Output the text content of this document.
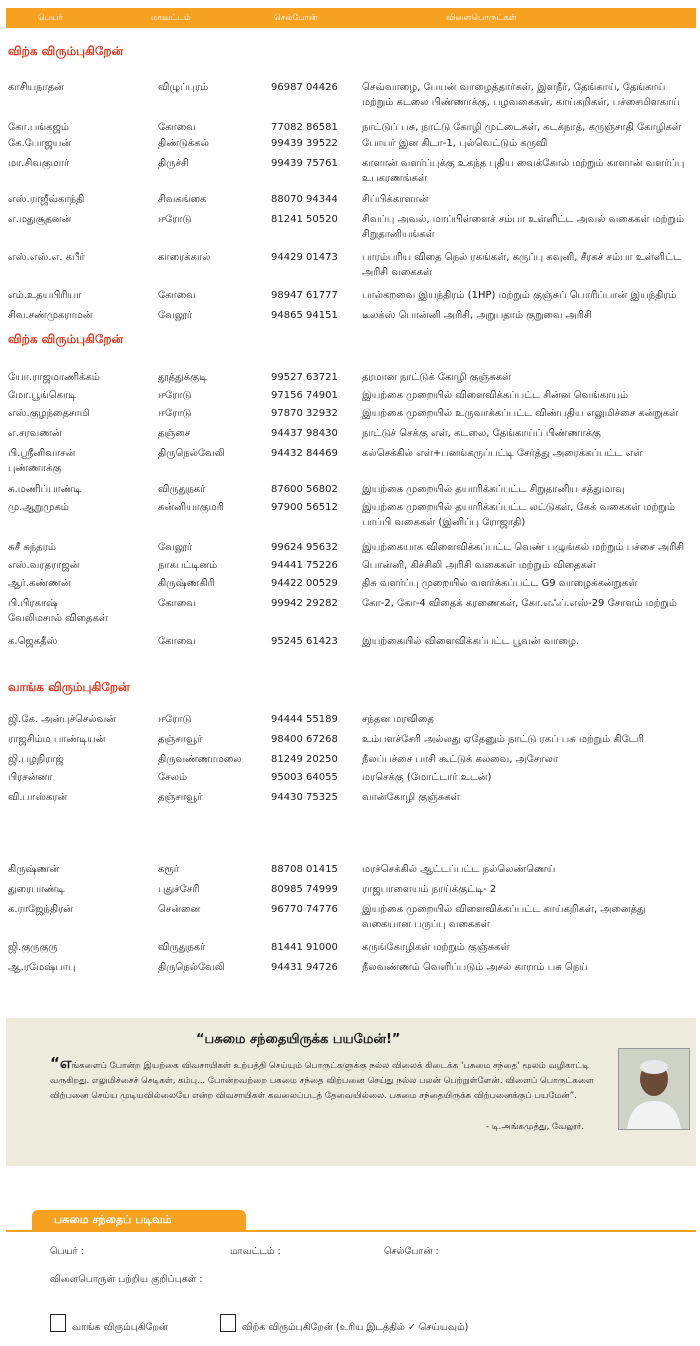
பெயர்	மாவட்டம்	செல்போன்	விளைபொருட்கள்
விற்க விரும்புகிறேன்
காசியநாதன்	விழுப்புரம்	96987 04426	செவ்வாழை, பேயன் வாழைத்தார்கள், இளநீர், தேங்காய், தேங்காய் மற்றும் கடலை பிண்ணாக்கு, பழவகைகள், காய்கறிகள், பச்சைமிளகாய்
கோ.பங்கஜம்	கோவை	77082 86581	நாட்டுப் பசு, நாட்டு கோழி முட்டைகள், கடக்நாத், கருஞ்சாதி கோழிகள்
கே.போஜயன்	திண்டுக்கல்	99439 39522	போயர் இன கிடா-1, புல்வெட்டும் கருவி
மா.சிவகுமார்	திருச்சி	99439 75761	காளான் வளர்ப்புக்கு உகந்த புதிய வைக்கோல் மற்றும் காளான் வளர்ப்பு உபகரணங்கள்
எஸ்.ராஜீவ்காந்தி	சிவகங்கை	88070 94344	சிப்பிக்காளான்
எ.மதுசூதனன்	ஈரோடு	81241 50520	சிவப்பு அவல், மாப்பிள்ளைச் சம்பா உள்ளிட்ட அவல் வகைகள் மற்றும் சிறுதானியங்கள்
எஸ்.எஸ்.எ. கபீர்	காரைக்கால்	94429 01473	பாரம்பரிய விதை நெல் ரகங்கள், கருப்பு கவுனி, சீரகச் சம்பா உள்ளிட்ட அரிசி வகைகள்
எம்.உதயபிரியா	கோவை	98947 61777	பால்கறவை இயந்திரம் (1HP) மற்றும் குஞ்சுப் பொரிப்பான் இயந்திரம்
சிவ.சண்முகராமன்	வேலூர்	94865 94151	டீலக்ஸ் பொன்னி அரிசி, அறுபதாம் குறுவை அரிசி
விற்க விரும்புகிறேன்
யோ.ராஜமாணிக்கம்	தூத்துக்குடி	99527 63721	தரமான நாட்டுக் கோழி குஞ்சுகள்
மோ.பூங்கொடி	ஈரோடு	97156 74901	இயற்கை முறையில் விளைவிக்கப்பட்ட சின்ன வெங்காயம்
எஸ்.குழந்தைசாமி	ஈரோடு	97870 32932	இயற்கை முறையில் உருவாக்கப்பட்ட விண்பதிய எலுமிச்சை கன்றுகள்
எ.சரவணன்	தஞ்சை	94437 98430	நாட்டுச் செக்கு எள், கடலை, தேங்காய்ப் பிண்ணாக்கு
பி.ஸ்ரீனிவாசன்	திருநெல்வேலி	94432 84469	கல்செக்கில் எள்+பனங்கருப்பட்டி சேர்த்து அரைக்கப்பட்ட எள் புண்ணாக்கு
சு.மணிப்பாண்டி	விருதுநகர்	87600 56802	இயற்கை முறையில் தயாரிக்கப்பட்ட சிறுதானிய சத்துமாவு
மு.ஆறுமுகம்	கன்னியாகுமரி	97900 56512	இயற்கை முறையில் தயாரிக்கப்பட்ட லட்டுகள், கேக் வகைகள் மற்றும் பாப்பி வகைகள் (இனிப்பு ரோஜாதி)
சுசீ சுந்தரம்	வேலூர்	99624 95632	இயற்கையாக விளைவிக்கப்பட்ட வெண் பழுங்கல் மற்றும் பச்சை அரிசி
எஸ்.வரதராஜன்	நாகபட்டினம்	94441 75226	பொன்னி, கிச்சிலி அரிசி வகைகள் மற்றும் விதைகள்
ஆர்.கண்ணன்	கிருஷ்ணகிரி	94422 00529	திசு வளர்ப்பு முறையில் வளர்க்கப்பட்ட G9 வாழைக்கன்றுகள்
பி.பிரகாஷ்	கோவை	99942 29282	கோ-2, கோ-4 விதைக் கரணைகள், கோ.எஃப்.எஸ்-29 சோளம் மற்றும் வேலிமசால் விதைகள்
க.ஜெகதீஸ்	கோவை	95245 61423	இயற்கையில் விளைவிக்கப்பட்ட பூவன் வாழை.
வாங்க விரும்புகிறேன்
ஜி.கே. அன்புச்செல்வன்	ஈரோடு	94444 55189	சந்தன மரவிதை
ராஜசிம்ம பாண்டியன்	தஞ்சாவூர்	98400 67268	உம்பளச்சேரி அல்லது ஏதேனும் நாட்டு ரகப் பசு மற்றும் கிடேரி
ஜி.பழநிராஜ்	திருவண்ணாமலை	81249 20250	நீலப்பச்சை பாசி கூட்டுக் கலவை, அசோலா
பிரசன்னா	சேலம்	95003 64055	மரசெக்கு (மோட்டார் உடன்)
வி.பாஸ்கரன்	தஞ்சாவூர்	94430 75325	வான்கோழி குஞ்சுகள்
கிருஷ்ணன்	கரூர்	88708 01415	மரச்செக்கில் ஆட்டப்பட்ட நல்லெண்ணெய்
துரைபாண்டி	புதுச்சேரி	80985 74999	ராஜபாளையம் நாய்க்குட்டி- 2
க.ராஜேந்திரன்	சென்னை	96770 74776	இயற்கை முறையில் விளைவிக்கப்பட்ட காய்கறிகள், அனைத்து வகையான பருப்பு வகைகள்
ஜி.குருகுரு	விருதுநகர்	81441 91000	கருங்கோழிகள் மற்றும் குஞ்சுகள்
ஆ.ரமேஷ்பாபு	திருநெல்வேலி	94431 94726	நீலவண்ணம் வெளிப்படும் அசல் காராம் பசு நெய்
“பசுமை சந்தையிருக்க பயமேன்!”
“எங்களைப் போன்ற இயற்கை விவசாயிகள் உற்பத்தி செய்யும் பொருட்களுக்கு நல்ல விலைக் கிடைக்க 'பசுமை சந்தை' மூலம் வழிகாட்டி வருகிறது. எலுமிச்சைச் செடிகள், கம்பு... போன்றவற்றை பசுமை சந்தை விற்பனை செய்து நல்ல பலன் பெற்றுள்ளேன். விளைப் பொருட்களை விற்பனை செய்ய முடியவில்லையே என்ற விவசாயிகள் கவலைப்படத் தேவையில்லை. பசுமை சந்தையிருக்க விற்பனைக்குப் பயமேன்”.
- டி.அங்கமுத்து, வேலூர்.
பசுமை சந்தைப் படிவம்
பெயர் :	மாவட்டம் :	செல்போன் :
விளைபொருள் பற்றிய குறிப்புகள் :
வாங்க விரும்புகிறேன்	விற்க விரும்புகிறேன் (உரிய இடத்தில் ✓ செய்யவும்)
